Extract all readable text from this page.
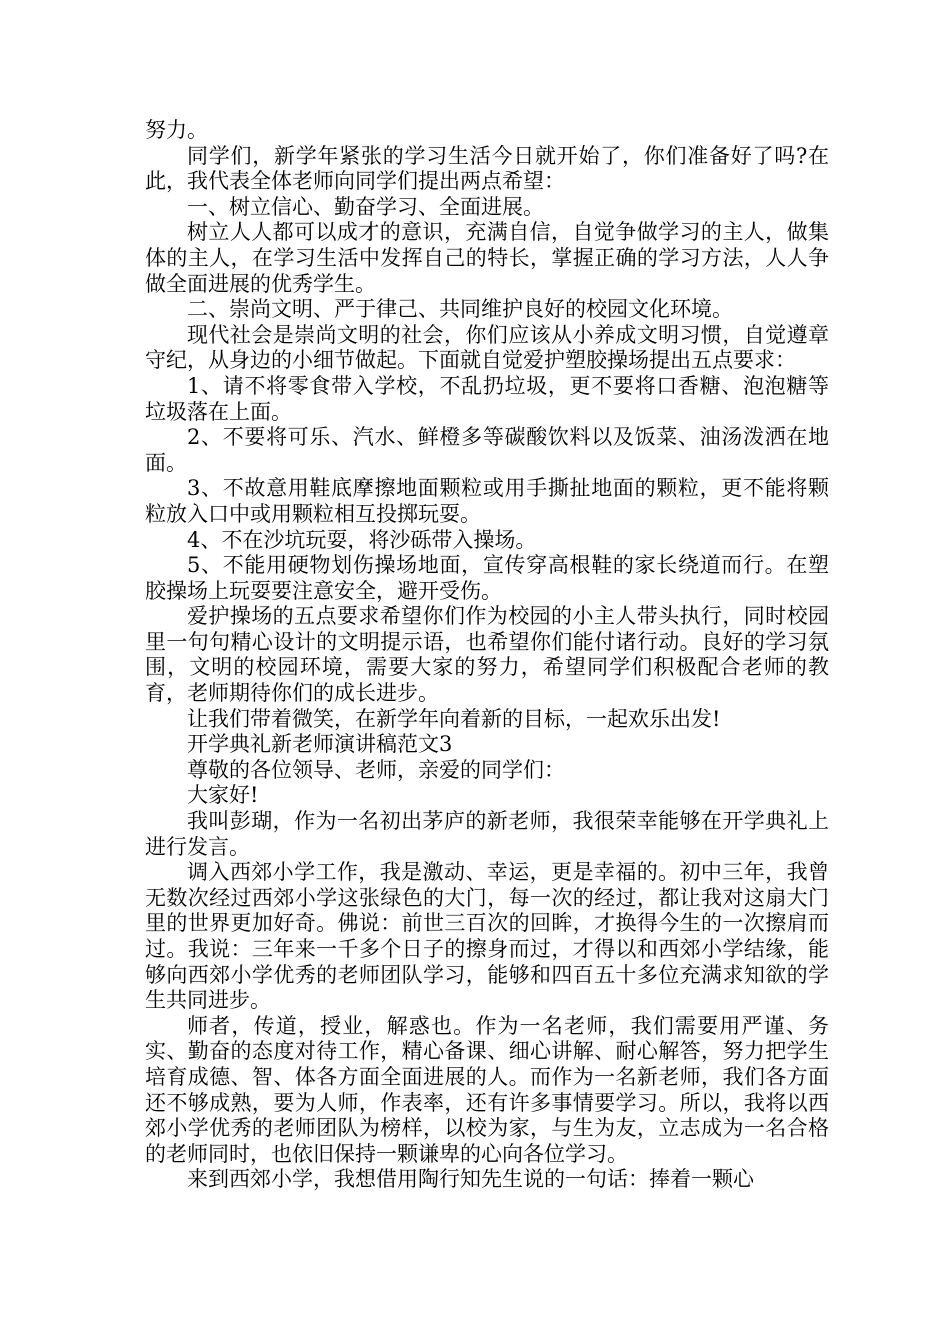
努力。

同学们，新学年紧张的学习生活今日就开始了，你们准备好了吗?在此，我代表全体老师向同学们提出两点希望：

一、树立信心、勤奋学习、全面进展。

树立人人都可以成才的意识，充满自信，自觉争做学习的主人，做集体的主人，在学习生活中发挥自己的特长，掌握正确的学习方法，人人争做全面进展的优秀学生。

二、崇尚文明、严于律己、共同维护良好的校园文化环境。

现代社会是崇尚文明的社会，你们应该从小养成文明习惯，自觉遵章守纪，从身边的小细节做起。下面就自觉爱护塑胶操场提出五点要求：

1、请不将零食带入学校，不乱扔垃圾，更不要将口香糖、泡泡糖等垃圾落在上面。

2、不要将可乐、汽水、鲜橙多等碳酸饮料以及饭菜、油汤泼洒在地面。

3、不故意用鞋底摩擦地面颗粒或用手撕扯地面的颗粒，更不能将颗粒放入口中或用颗粒相互投掷玩耍。

4、不在沙坑玩耍，将沙砾带入操场。

5、不能用硬物划伤操场地面，宣传穿高根鞋的家长绕道而行。在塑胶操场上玩耍要注意安全，避开受伤。

爱护操场的五点要求希望你们作为校园的小主人带头执行，同时校园里一句句精心设计的文明提示语，也希望你们能付诸行动。良好的学习氛围，文明的校园环境，需要大家的努力，希望同学们积极配合老师的教育，老师期待你们的成长进步。

让我们带着微笑，在新学年向着新的目标，一起欢乐出发!

开学典礼新老师演讲稿范文3

尊敬的各位领导、老师，亲爱的同学们：

大家好!

我叫彭瑚，作为一名初出茅庐的新老师，我很荣幸能够在开学典礼上进行发言。

调入西郊小学工作，我是激动、幸运，更是幸福的。初中三年，我曾无数次经过西郊小学这张绿色的大门，每一次的经过，都让我对这扇大门里的世界更加好奇。佛说：前世三百次的回眸，才换得今生的一次擦肩而过。我说：三年来一千多个日子的擦身而过，才得以和西郊小学结缘，能够向西郊小学优秀的老师团队学习，能够和四百五十多位充满求知欲的学生共同进步。

师者，传道，授业，解惑也。作为一名老师，我们需要用严谨、务实、勤奋的态度对待工作，精心备课、细心讲解、耐心解答，努力把学生培育成德、智、体各方面全面进展的人。而作为一名新老师，我们各方面还不够成熟，要为人师，作表率，还有许多事情要学习。所以，我将以西郊小学优秀的老师团队为榜样，以校为家，与生为友，立志成为一名合格的老师同时，也依旧保持一颗谦卑的心向各位学习。

来到西郊小学，我想借用陶行知先生说的一句话：捧着一颗心
